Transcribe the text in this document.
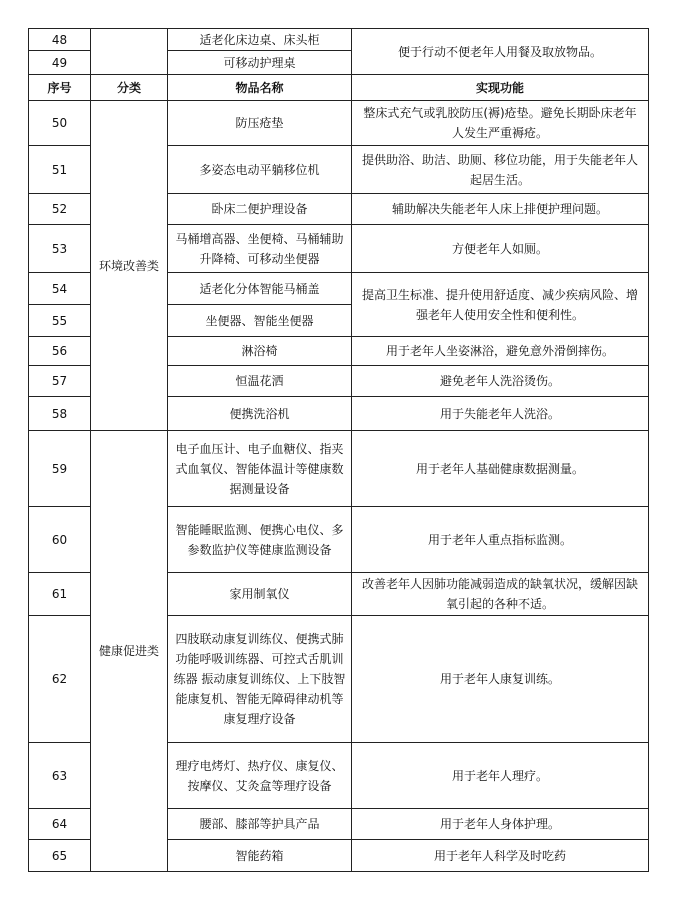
48		适老化床边桌、床头柜	便于行动不便老年人用餐及取放物品。
49		可移动护理桌	
序号	分类	物品名称	实现功能
50	环境改善类	防压疮垫	整床式充气或乳胶防压(褥)疮垫。避免长期卧床老年人发生严重褥疮。
51		多姿态电动平躺移位机	提供助浴、助洁、助厕、移位功能，用于失能老年人起居生活。
52		卧床二便护理设备	辅助解决失能老年人床上排便护理问题。
53		马桶增高器、坐便椅、马桶辅助升降椅、可移动坐便器	方便老年人如厕。
54		适老化分体智能马桶盖	提高卫生标准、提升使用舒适度、减少疾病风险、增强老年人使用安全性和便利性。
55		坐便器、智能坐便器	
56		淋浴椅	用于老年人坐姿淋浴，避免意外滑倒摔伤。
57		恒温花洒	避免老年人洗浴烫伤。
58		便携洗浴机	用于失能老年人洗浴。
59	健康促进类	电子血压计、电子血糖仪、指夹式血氧仪、智能体温计等健康数据测量设备	用于老年人基础健康数据测量。
60		智能睡眠监测、便携心电仪、多参数监护仪等健康监测设备	用于老年人重点指标监测。
61		家用制氧仪	改善老年人因肺功能减弱造成的缺氧状况，缓解因缺氧引起的各种不适。
62		四肢联动康复训练仪、便携式肺功能呼吸训练器、可控式舌肌训练器 振动康复训练仪、上下肢智能康复机、智能无障碍律动机等康复理疗设备	用于老年人康复训练。
63		理疗电烤灯、热疗仪、康复仪、按摩仪、艾灸盒等理疗设备	用于老年人理疗。
64		腰部、膝部等护具产品	用于老年人身体护理。
65		智能药箱	用于老年人科学及时吃药
